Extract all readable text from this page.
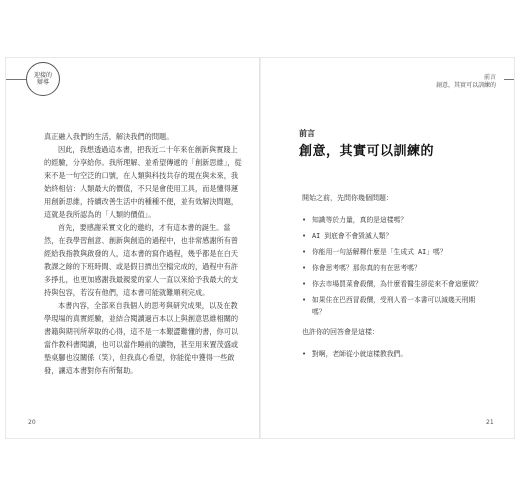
迎接的
辯導

真正融入我們的生活，解決我們的問題。

因此，我想透過這本書，把我近二十年來在創新與實踐上的經驗，分享給你。我所理解、並希望傳遞的「創新思維」，從來不是一句空泛的口號，在人類與科技共存的現在與未來，我始終相信：人類最大的價值，不只是會使用工具，而是懂得運用創新思維，持續改善生活中的種種不便，並有效解決問題，這就是我所認為的「人類的價值」。

首先，要感謝采實文化的邀約，才有這本書的誕生。當然，在我學習創意、創新與創造的過程中，也非常感謝所有曾經給我指教與啟發的人，這本書的寫作過程，幾乎都是在白天教課之餘的下班時間、或是假日擠出空檔完成的，過程中有許多掙扎，也更加感謝我最親愛的家人一直以來給予我最大的支持與包容，若沒有他們，這本書可能就難順利完成。

本書內容，全部來自我個人的思考與研究成果，以及在教學現場的真實經驗，並結合閱讀過百本以上與創意思維相關的書籍與期刊所萃取的心得，這不是一本艱澀難懂的書，你可以當作教科書閱讀，也可以當作睡前的讀物，甚至用來置茂盛或墊桌腳也沒關係（笑），但我真心希望，你能從中獲得一些啟發，讓這本書對你有所幫助。

20
前言
創意，其實可以訓練的
前言
創意，其實可以訓練的

開始之前，先問你幾個問題：

• 知識等於力量，真的是這樣嗎？
• AI 到底會不會毀滅人類？
• 你能用一句話解釋什麼是「生成式 AI」嗎？
• 你會思考嗎？那你真的有在思考嗎？
• 你去市場買菜會殺價，為什麼看醫生卻從來不會這麼做？
• 如果住在巴西冒殺價，受刑人看一本書可以減幾天刑期嗎？

也許你的回答會是這樣：

• 對啊，老師從小就這樣教我們。
21
